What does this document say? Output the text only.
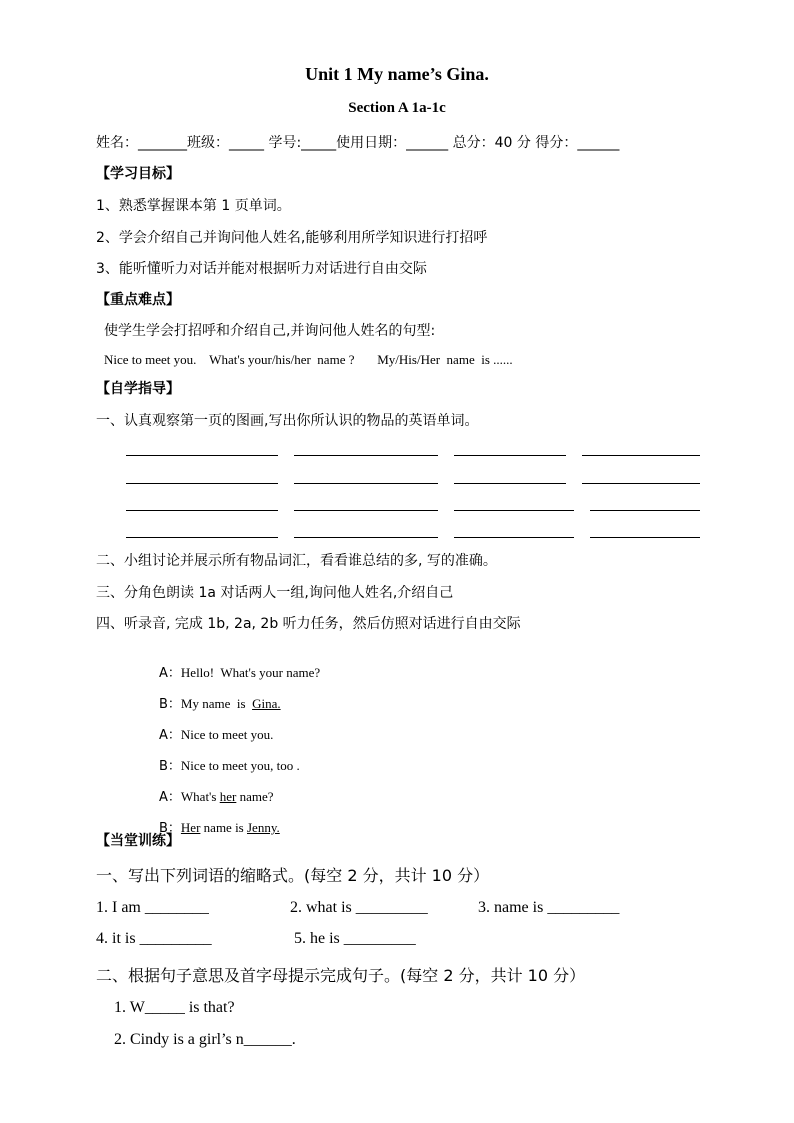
Unit 1 My name’s Gina.
Section A 1a-1c
姓名：_______班级：_____ 学号:_____使用日期：______ 总分：40 分 得分：______
【学习目标】
1、熟悉掌握课本第 1 页单词。
2、学会介绍自己并询问他人姓名,能够利用所学知识进行打招呼
3、能听懂听力对话并能对根据听力对话进行自由交际
【重点难点】
使学生学会打招呼和介绍自己,并询问他人姓名的句型:
Nice to meet you.    What's your/his/her  name ?       My/His/Her  name  is ......
【自学指导】
一、认真观察第一页的图画,写出你所认识的物品的英语单词。
二、小组讨论并展示所有物品词汇，看看谁总结的多, 写的准确。
三、分角色朗读 1a 对话两人一组,询问他人姓名,介绍自己
四、听录音, 完成 1b, 2a, 2b 听力任务，然后仿照对话进行自由交际

A：Hello!  What's your name?

B：My name  is  Gina.

A：Nice to meet you.

B：Nice to meet you, too .

A：What's her name?

B：Her name is Jenny.

【当堂训练】
一、写出下列词语的缩略式。(每空 2 分，共计 10 分）
1. I am ________	2. what is _________	3. name is _________
4. it is _________	5. he is _________
二、根据句子意思及首字母提示完成句子。(每空 2 分，共计 10 分）
1. W_____ is that?
2. Cindy is a girl’s n______.
